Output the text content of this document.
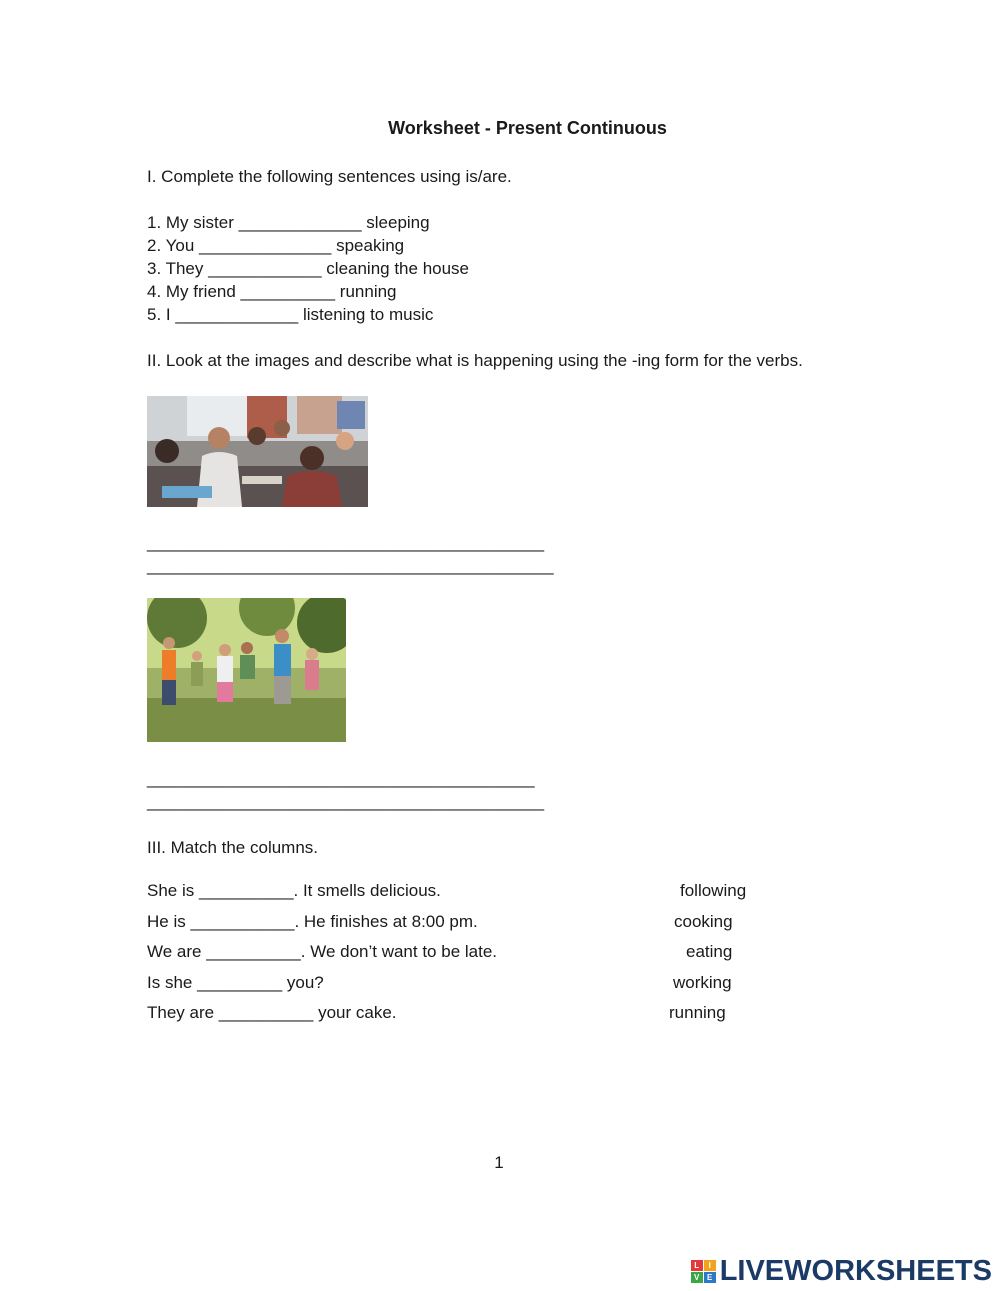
Worksheet - Present Continuous
I. Complete the following sentences using is/are.
1. My sister _____________ sleeping
2. You ______________ speaking
3. They ____________ cleaning the house
4. My friend __________ running
5. I _____________ listening to music
II. Look at the images and describe what is happening using the -ing form for the verbs.
__________________________________________
___________________________________________
_________________________________________
__________________________________________
III. Match the columns.
She is __________. It smells delicious.	following
He is ___________. He finishes at 8:00 pm.	cooking
We are __________. We don’t want to be late.	eating
Is she _________ you?	working
They are __________ your cake.	running
1
L	I
V E LIVEWORKSHEETS
